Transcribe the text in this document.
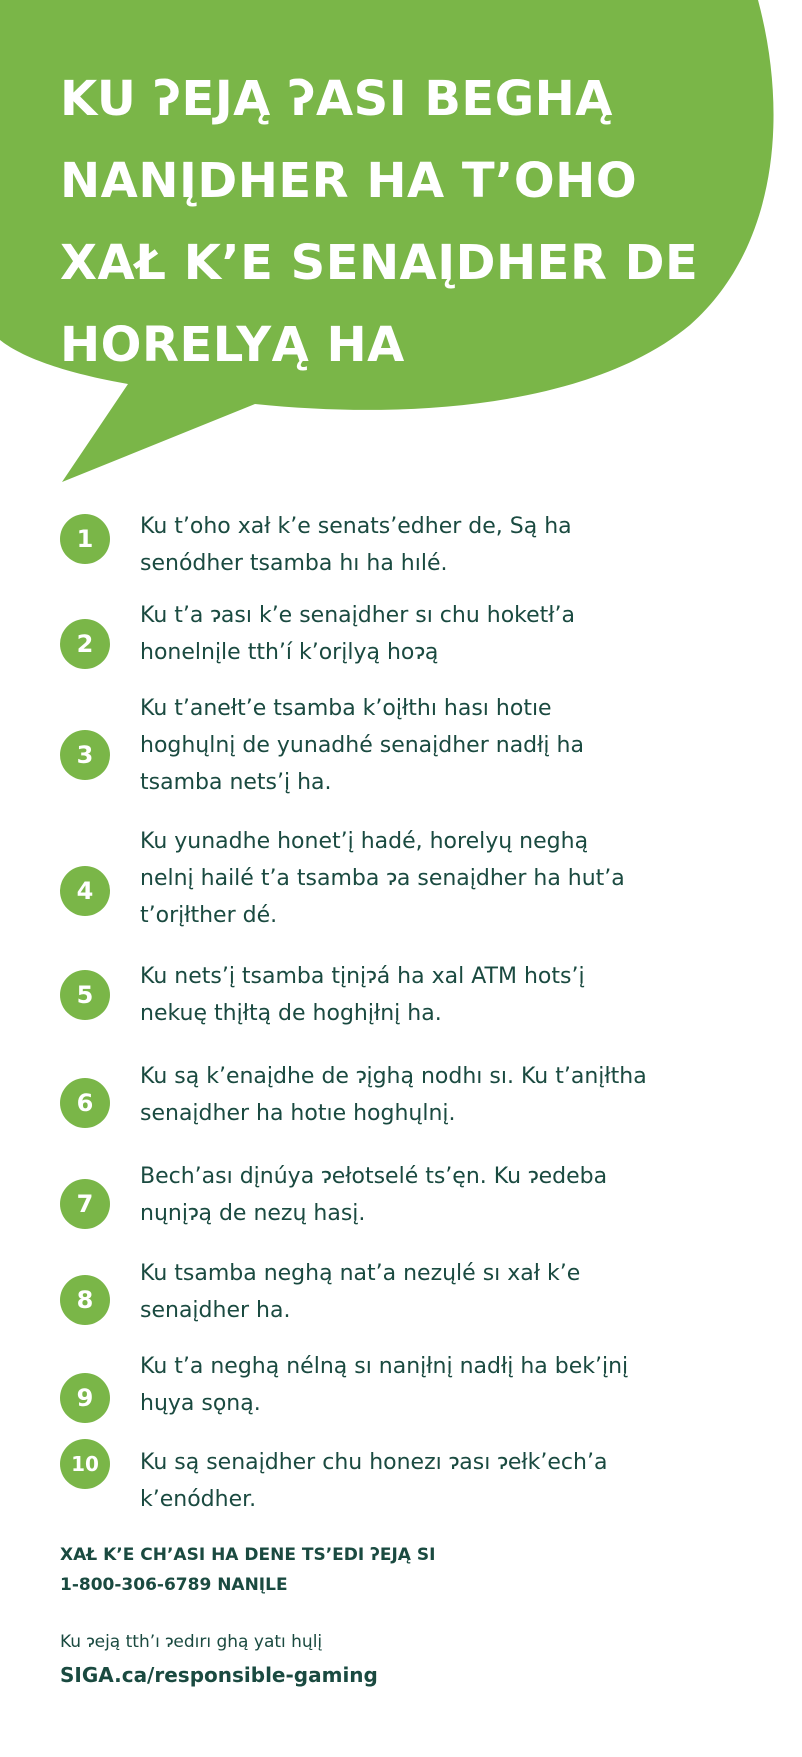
KU ʔEJĄ ʔASI BEGHĄ
NANĮDHER HA T’OHO
XAŁ K’E SENAĮDHER DE
HORELYĄ HA
1	Ku t’oho xał k’e senats’edher de, Są ha
senódher tsamba hı ha hılé.

2

Ku t’a ɂası k’e senaįdher sı chu hoketł’a
honelnįle tth’í k’orįlyą hoɂą

3

Ku t’anełt’e tsamba k’oįłthı hası hotıe
hoghųlnį de yunadhé senaįdher nadłį ha
tsamba nets’į ha.

4

Ku yunadhe honet’į hadé, horelyų neghą
nelnį hailé t’a tsamba ɂa senaįdher ha hut’a
t’orįłther dé.

5

Ku nets’į tsamba tįnįɂá ha xal ATM hots’į
nekuę thįłtą de hoghįłnį ha.

6

Ku są k’enaįdhe de ɂįghą nodhı sı. Ku t’anįłtha
senaįdher ha hotıe hoghųlnį.

7

Bech’ası dįnúya ɂełotselé ts’ęn. Ku ɂedeba
nųnįɂą de nezų hasį.

8

Ku tsamba neghą nat’a nezųlé sı xał k’e
senaįdher ha.

9

Ku t’a neghą nélną sı nanįłnį nadłį ha bek’įnį
hųya sǫną.

10	Ku są senaįdher chu honezı ɂası ɂełk’ech’a
k’enódher.

XAŁ K’E CH’ASI HA DENE TS’EDI ʔEJĄ SI
1-800-306-6789 NANĮLE

Ku ɂeją tth’ı ɂedırı ghą yatı hųlį

SIGA.ca/responsible-gaming
